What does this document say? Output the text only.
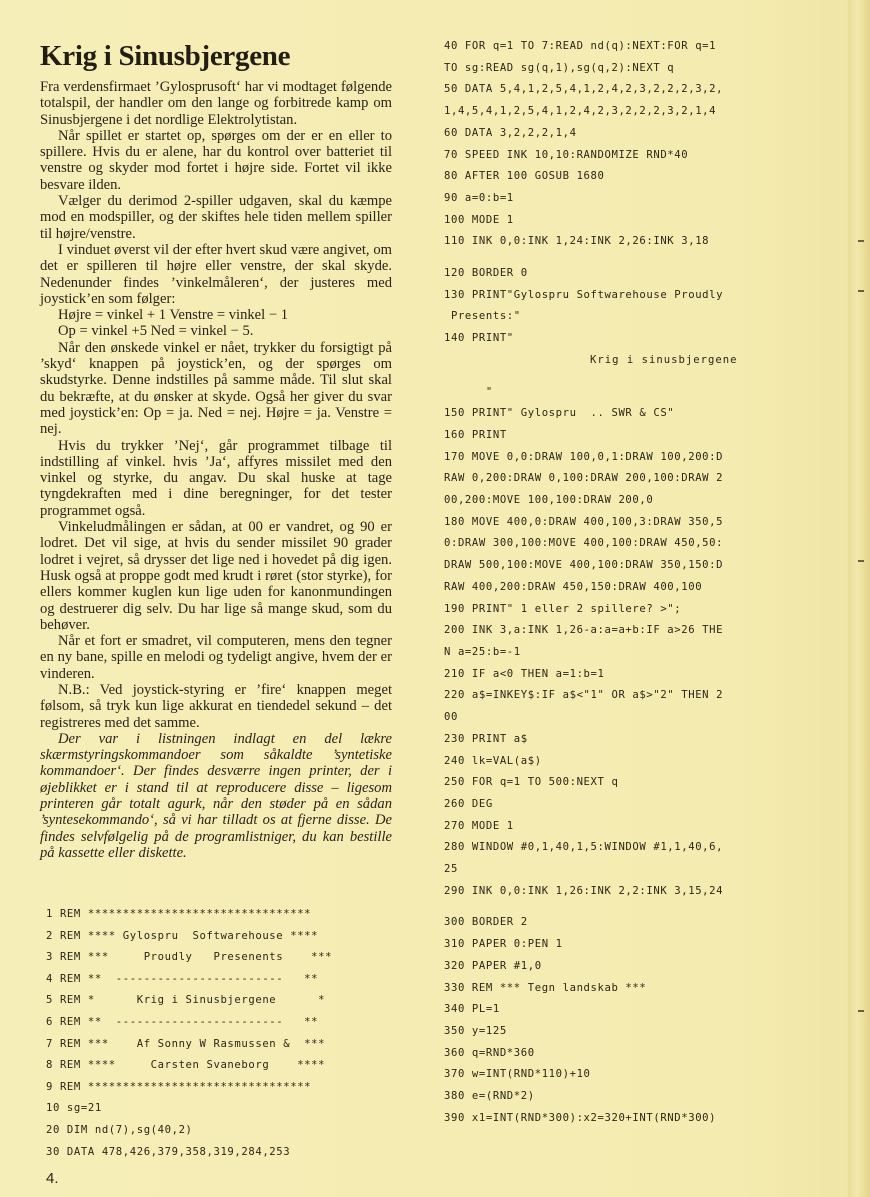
Krig i Sinusbjergene

Fra verdensfirmaet ’Gylosprusoft‘ har vi modtaget følgende totalspil, der handler om den lange og forbitrede kamp om Sinusbjergene i det nordlige Elektrolytistan.

Når spillet er startet op, spørges om der er en eller to spillere. Hvis du er alene, har du kontrol over batteriet til venstre og skyder mod fortet i højre side. Fortet vil ikke besvare ilden.

Vælger du derimod 2-spiller udgaven, skal du kæmpe mod en modspiller, og der skiftes hele tiden mellem spiller til højre/venstre.

I vinduet øverst vil der efter hvert skud være angivet, om det er spilleren til højre eller venstre, der skal skyde. Nedenunder findes ’vinkelmåleren‘, der justeres med joystick’en som følger:

Højre = vinkel + 1 Venstre = vinkel − 1

Op = vinkel +5 Ned = vinkel − 5.

Når den ønskede vinkel er nået, trykker du forsigtigt på ’skyd‘ knappen på joystick’en, og der spørges om skudstyrke. Denne indstilles på samme måde. Til slut skal du bekræfte, at du ønsker at skyde. Også her giver du svar med joystick’en: Op = ja. Ned = nej. Højre = ja. Venstre = nej.

Hvis du trykker ’Nej‘, går programmet tilbage til indstilling af vinkel. hvis ’Ja‘, affyres missilet med den vinkel og styrke, du angav. Du skal huske at tage tyngdekraften med i dine beregninger, for det tester programmet også.

Vinkeludmålingen er sådan, at 00 er vandret, og 90 er lodret. Det vil sige, at hvis du sender missilet 90 grader lodret i vejret, så drysser det lige ned i hovedet på dig igen. Husk også at proppe godt med krudt i røret (stor styrke), for ellers kommer kuglen kun lige uden for kanonmundingen og destruerer dig selv. Du har lige så mange skud, som du behøver.

Når et fort er smadret, vil computeren, mens den tegner en ny bane, spille en melodi og tydeligt angive, hvem der er vinderen.

N.B.: Ved joystick-styring er ’fire‘ knappen meget følsom, så tryk kun lige akkurat en tiendedel sekund – det registreres med det samme.

Der var i listningen indlagt en del lækre skærmstyringskommandoer som såkaldte ’syntetiske kommandoer‘. Der findes desværre ingen printer, der i øjeblikket er i stand til at reproducere disse – ligesom printeren går totalt agurk, når den støder på en sådan ’syntesekommando‘, så vi har tilladt os at fjerne disse. De findes selvfølgelig på de programlistniger, du kan bestille på kassette eller diskette.

1 REM ********************************
2 REM **** Gylospru  Softwarehouse ****
3 REM ***     Proudly   Presenents    ***
4 REM **  ------------------------   **
5 REM *      Krig i Sinusbjergene      *
6 REM **  ------------------------   **
7 REM ***    Af Sonny W Rasmussen &  ***
8 REM ****     Carsten Svaneborg    ****
9 REM ********************************
10 sg=21
20 DIM nd(7),sg(40,2)
30 DATA 478,426,379,358,319,284,253
40 FOR q=1 TO 7:READ nd(q):NEXT:FOR q=1
TO sg:READ sg(q,1),sg(q,2):NEXT q
50 DATA 5,4,1,2,5,4,1,2,4,2,3,2,2,2,3,2,
1,4,5,4,1,2,5,4,1,2,4,2,3,2,2,2,3,2,1,4
60 DATA 3,2,2,2,1,4
70 SPEED INK 10,10:RANDOMIZE RND*40
80 AFTER 100 GOSUB 1680
90 a=0:b=1
100 MODE 1
110 INK 0,0:INK 1,24:INK 2,26:INK 3,18
120 BORDER 0
130 PRINT"Gylospru Softwarehouse Proudly
Presents:"
140 PRINT"
Krig i sinusbjergene
"
150 PRINT" Gylospru  .. SWR & CS"
160 PRINT
170 MOVE 0,0:DRAW 100,0,1:DRAW 100,200:D
RAW 0,200:DRAW 0,100:DRAW 200,100:DRAW 2
00,200:MOVE 100,100:DRAW 200,0
180 MOVE 400,0:DRAW 400,100,3:DRAW 350,5
0:DRAW 300,100:MOVE 400,100:DRAW 450,50:
DRAW 500,100:MOVE 400,100:DRAW 350,150:D
RAW 400,200:DRAW 450,150:DRAW 400,100
190 PRINT" 1 eller 2 spillere? >";
200 INK 3,a:INK 1,26-a:a=a+b:IF a>26 THE
N a=25:b=-1
210 IF a<0 THEN a=1:b=1
220 a$=INKEY$:IF a$<"1" OR a$>"2" THEN 2
00
230 PRINT a$
240 lk=VAL(a$)
250 FOR q=1 TO 500:NEXT q
260 DEG
270 MODE 1
280 WINDOW #0,1,40,1,5:WINDOW #1,1,40,6,
25
290 INK 0,0:INK 1,26:INK 2,2:INK 3,15,24
300 BORDER 2
310 PAPER 0:PEN 1
320 PAPER #1,0
330 REM *** Tegn landskab ***
340 PL=1
350 y=125
360 q=RND*360
370 w=INT(RND*110)+10
380 e=(RND*2)
390 x1=INT(RND*300):x2=320+INT(RND*300)
4.
